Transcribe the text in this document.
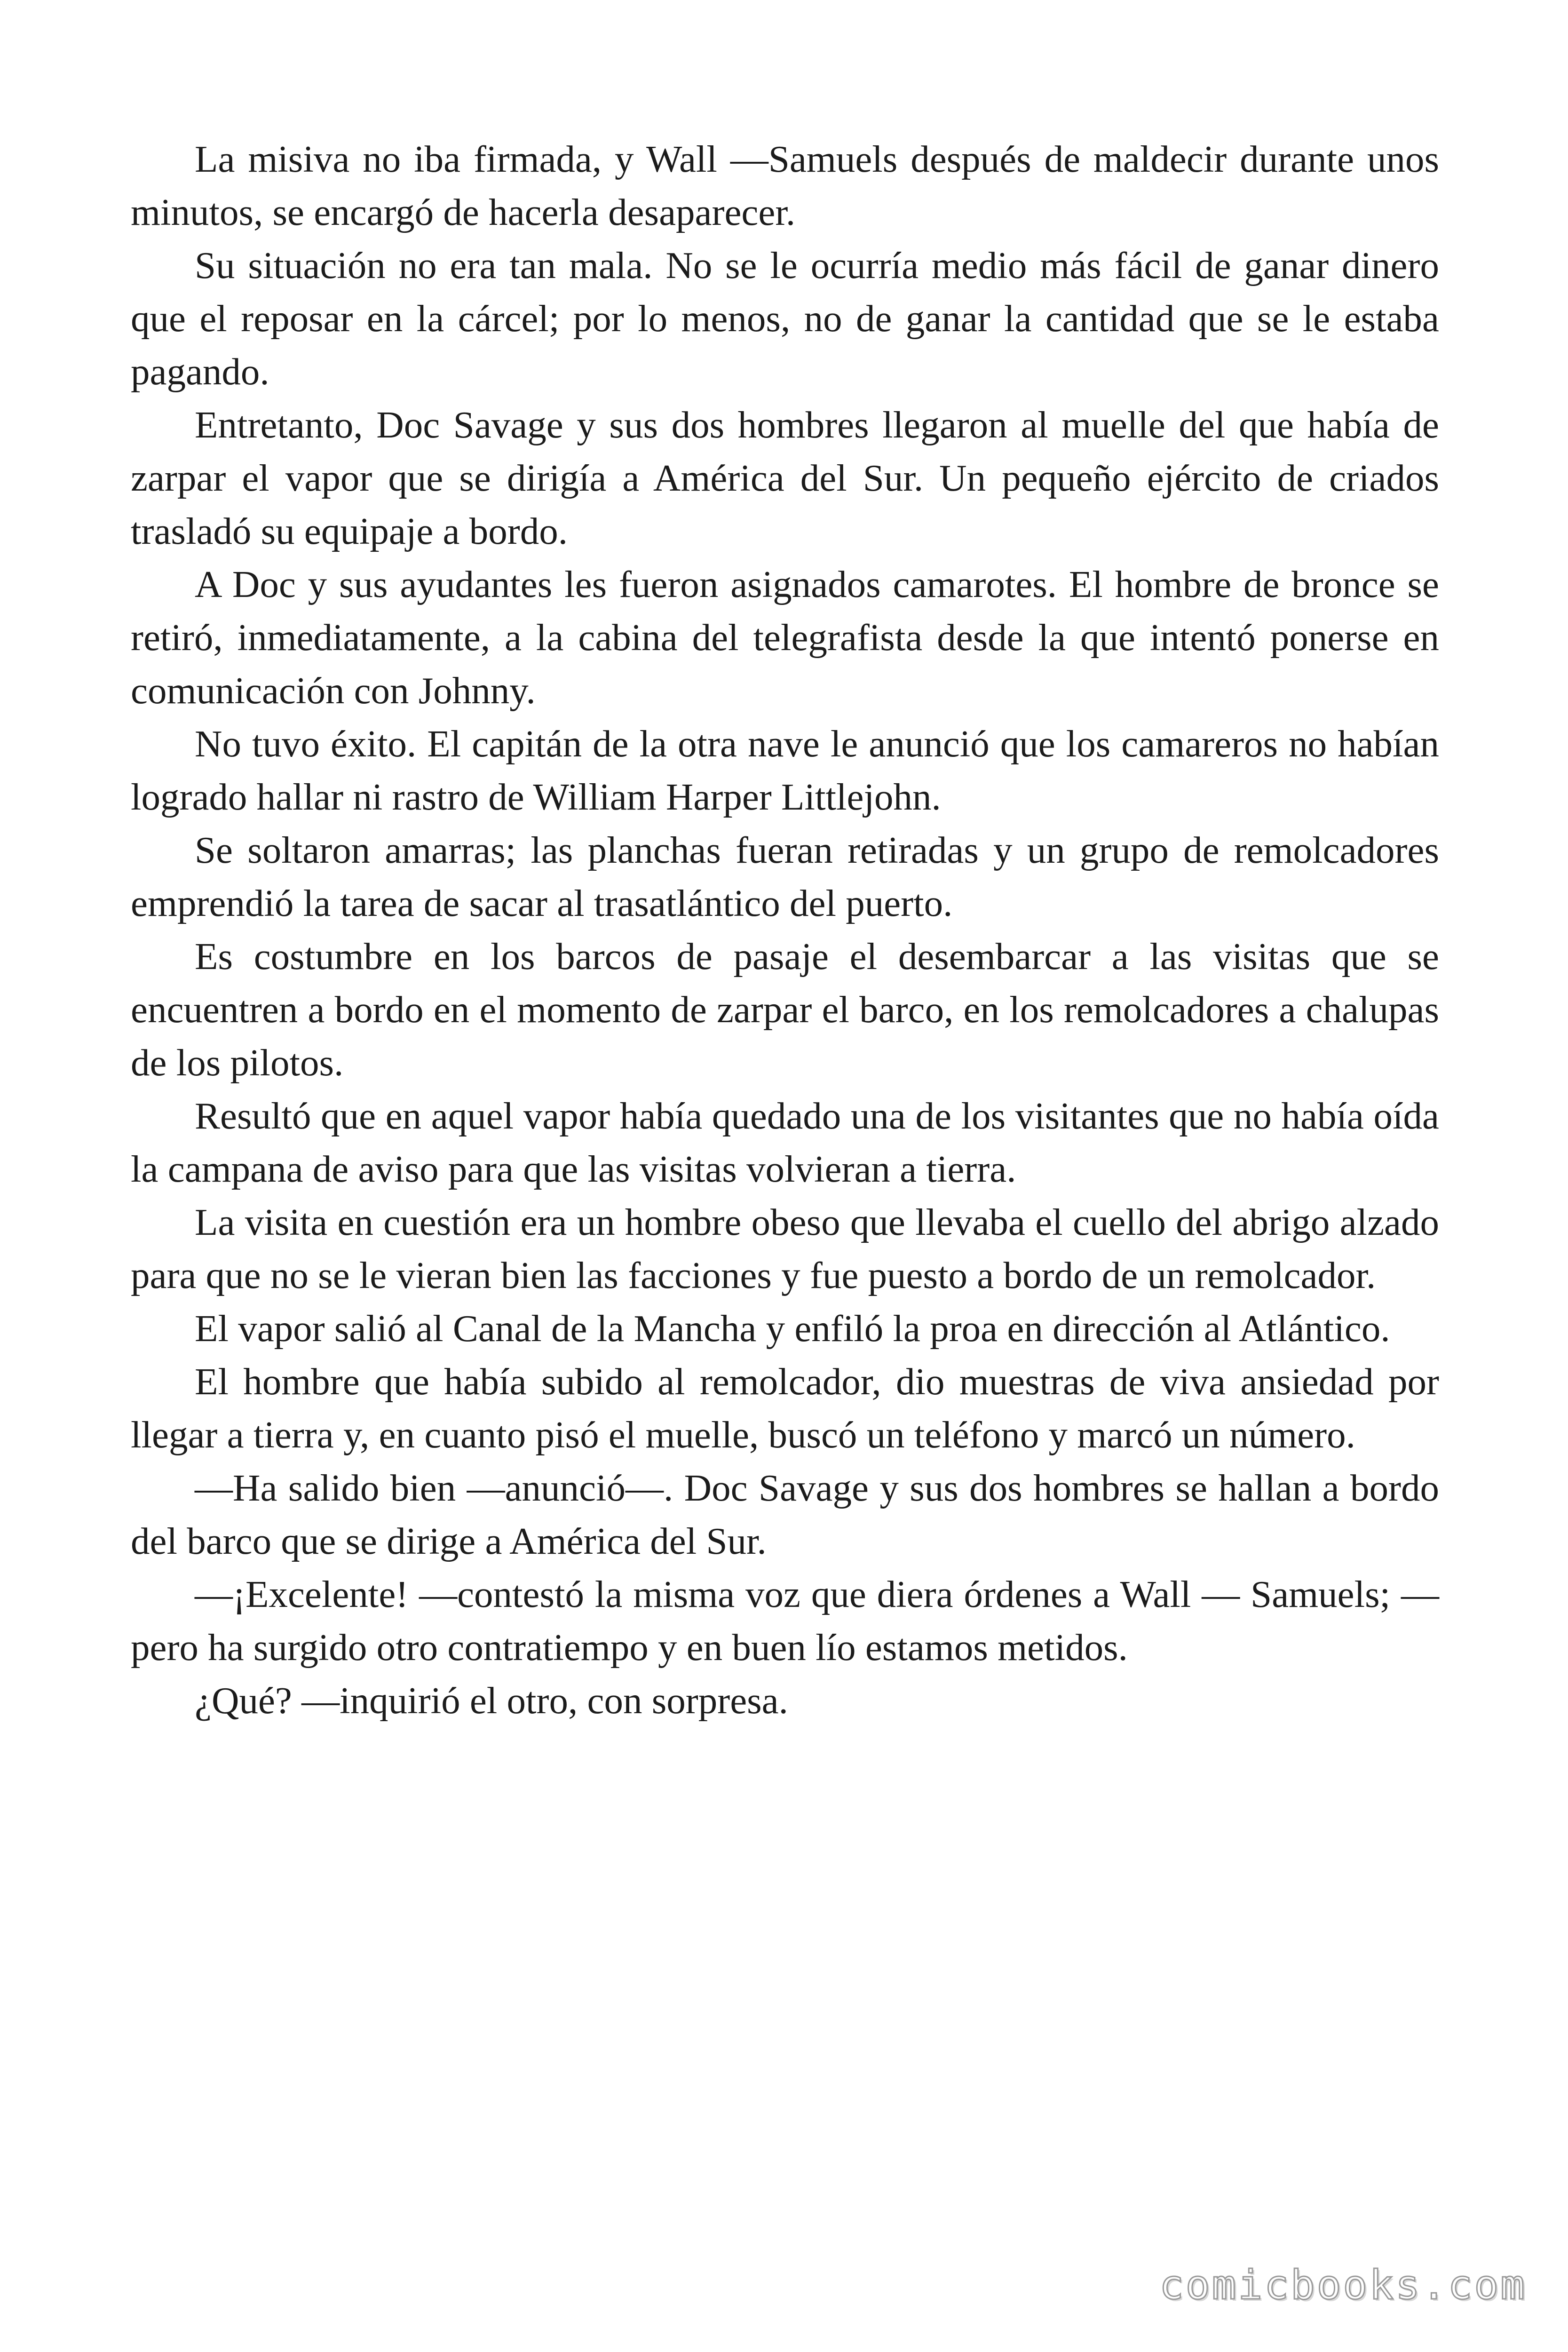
La misiva no iba firmada, y Wall —Samuels después de maldecir durante unos minutos, se encargó de hacerla desaparecer.

Su situación no era tan mala. No se le ocurría medio más fácil de ganar dinero que el reposar en la cárcel; por lo menos, no de ganar la cantidad que se le estaba pagando.

Entretanto, Doc Savage y sus dos hombres llegaron al muelle del que había de zarpar el vapor que se dirigía a América del Sur. Un pequeño ejército de criados trasladó su equipaje a bordo.

A Doc y sus ayudantes les fueron asignados camarotes. El hombre de bronce se retiró, inmediatamente, a la cabina del telegrafista desde la que intentó ponerse en comunicación con Johnny.

No tuvo éxito. El capitán de la otra nave le anunció que los camareros no habían logrado hallar ni rastro de William Harper Littlejohn.

Se soltaron amarras; las planchas fueran retiradas y un grupo de remolcadores emprendió la tarea de sacar al trasatlántico del puerto.

Es costumbre en los barcos de pasaje el desembarcar a las visitas que se encuentren a bordo en el momento de zarpar el barco, en los remolcadores a chalupas de los pilotos.

Resultó que en aquel vapor había quedado una de los visitantes que no había oída la campana de aviso para que las visitas volvieran a tierra.

La visita en cuestión era un hombre obeso que llevaba el cuello del abrigo alzado para que no se le vieran bien las facciones y fue puesto a bordo de un remolcador.

El vapor salió al Canal de la Mancha y enfiló la proa en dirección al Atlántico.

El hombre que había subido al remolcador, dio muestras de viva ansiedad por llegar a tierra y, en cuanto pisó el muelle, buscó un teléfono y marcó un número.

—Ha salido bien —anunció—. Doc Savage y sus dos hombres se hallan a bordo del barco que se dirige a América del Sur.

—¡Excelente! —contestó la misma voz que diera órdenes a Wall — Samuels; —pero ha surgido otro contratiempo y en buen lío estamos metidos.

¿Qué? —inquirió el otro, con sorpresa.

comicbooks.com
